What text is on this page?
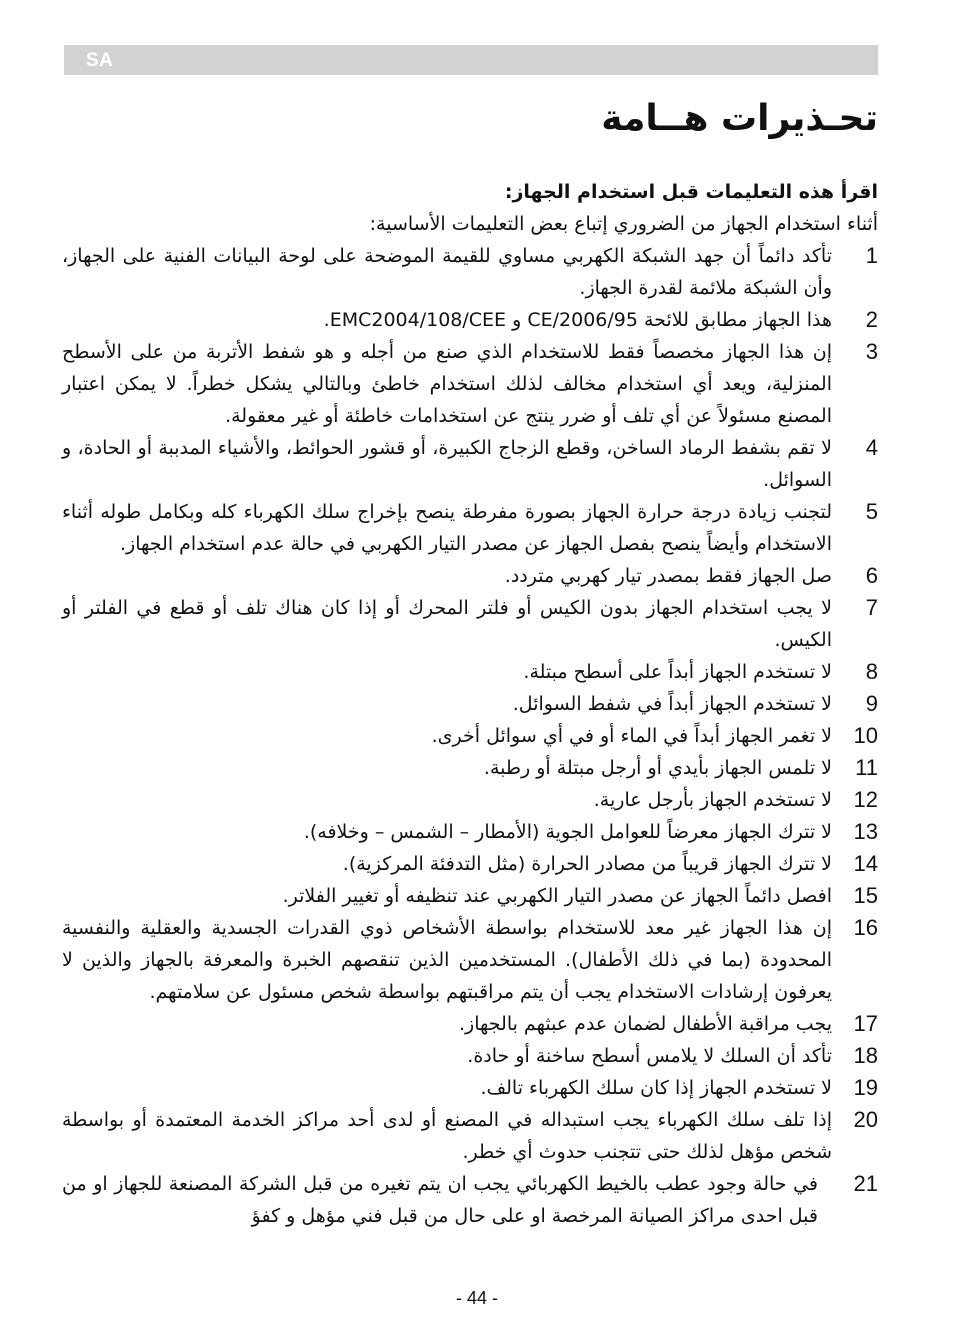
SA
تحـذيرات هــامة
اقرأ هذه التعليمات قبل استخدام الجهاز:
أثناء استخدام الجهاز من الضروري إتباع بعض التعليمات الأساسية:
1
تأكد دائماً أن جهد الشبكة الكهربي مساوي للقيمة الموضحة على لوحة البيانات الفنية على الجهاز، وأن الشبكة ملائمة لقدرة الجهاز.
2
هذا الجهاز مطابق للائحة CE/2006/95 و EMC2004/108/CEE.
3
إن هذا الجهاز مخصصاً فقط للاستخدام الذي صنع من أجله و هو شفط الأتربة من على الأسطح المنزلية، ويعد أي استخدام مخالف لذلك استخدام خاطئ وبالتالي يشكل خطراً. لا يمكن اعتبار المصنع مسئولاً عن أي تلف أو ضرر ينتج عن استخدامات خاطئة أو غير معقولة.
4
لا تقم بشفط الرماد الساخن، وقطع الزجاج الكبيرة، أو قشور الحوائط، والأشياء المدببة أو الحادة، و السوائل.
5
لتجنب زيادة درجة حرارة الجهاز بصورة مفرطة ينصح بإخراج سلك الكهرباء كله وبكامل طوله أثناء الاستخدام وأيضاً ينصح بفصل الجهاز عن مصدر التيار الكهربي في حالة عدم استخدام الجهاز.
6
صل الجهاز فقط بمصدر تيار كهربي متردد.
7
لا يجب استخدام الجهاز بدون الكيس أو فلتر المحرك أو إذا كان هناك تلف أو قطع في الفلتر أو الكيس.
8
لا تستخدم الجهاز أبداً على أسطح مبتلة.
9
لا تستخدم الجهاز أبداً في شفط السوائل.
10
لا تغمر الجهاز أبداً في الماء أو في أي سوائل أخرى.
11
لا تلمس الجهاز بأيدي أو أرجل مبتلة أو رطبة.
12
لا تستخدم الجهاز بأرجل عارية.
13
لا تترك الجهاز معرضاً للعوامل الجوية (الأمطار – الشمس – وخلافه).
14
لا تترك الجهاز قريباً من مصادر الحرارة (مثل التدفئة المركزية).
15
افصل دائماً الجهاز عن مصدر التيار الكهربي عند تنظيفه أو تغيير الفلاتر.
16
إن هذا الجهاز غير معد للاستخدام بواسطة الأشخاص ذوي القدرات الجسدية والعقلية والنفسية المحدودة (بما في ذلك الأطفال). المستخدمين الذين تنقصهم الخبرة والمعرفة بالجهاز والذين لا يعرفون إرشادات الاستخدام يجب أن يتم مراقبتهم بواسطة شخص مسئول عن سلامتهم.
17
يجب مراقبة الأطفال لضمان عدم عبثهم بالجهاز.
18
تأكد أن السلك لا يلامس أسطح ساخنة أو حادة.
19
لا تستخدم الجهاز إذا كان سلك الكهرباء تالف.
20
إذا تلف سلك الكهرباء يجب استبداله في المصنع أو لدى أحد مراكز الخدمة المعتمدة أو بواسطة شخص مؤهل لذلك حتى تتجنب حدوث أي خطر.
21
في حالة وجود عطب بالخيط الكهربائي يجب ان يتم تغيره من قبل الشركة المصنعة للجهاز او من قبل احدى مراكز الصيانة المرخصة او على حال من قبل فني مؤهل و كفؤ
- 44 -
